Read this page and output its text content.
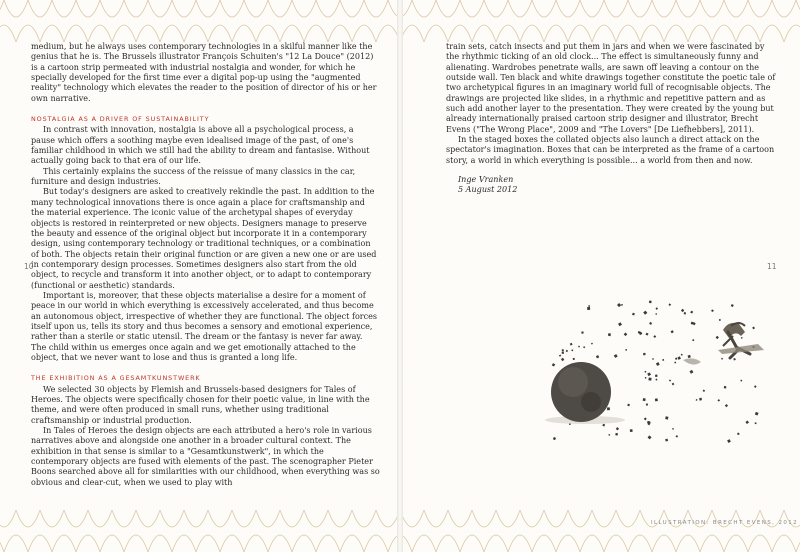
medium, but he always uses contemporary technologies in a skilful manner like the genius that he is. The Brussels illustrator François Schuiten's "12 La Douce" (2012) is a cartoon strip permeated with industrial nostalgia and wonder, for which he specially developed for the first time ever a digital pop-up using the "augmented reality" technology which elevates the reader to the position of director of his or her own narrative.

NOSTALGIA AS A DRIVER OF SUSTAINABILITY

In contrast with innovation, nostalgia is above all a psychological process, a pause which offers a soothing maybe even idealised image of the past, of one's familiar childhood in which we still had the ability to dream and fantasise. Without actually going back to that era of our life.

This certainly explains the success of the reissue of many classics in the car, furniture and design industries.

But today's designers are asked to creatively rekindle the past. In addition to the many technological innovations there is once again a place for craftsmanship and the material experience. The iconic value of the archetypal shapes of everyday objects is restored in reinterpreted or new objects. Designers manage to preserve the beauty and essence of the original object but incorporate it in a contemporary design, using contemporary technology or traditional techniques, or a combination of both. The objects retain their original function or are given a new one or are used in contemporary design processes. Sometimes designers also start from the old object, to recycle and transform it into another object, or to adapt to contemporary (functional or aesthetic) standards.

Important is, moreover, that these objects materialise a desire for a moment of peace in our world in which everything is excessively accelerated, and thus become an autonomous object, irrespective of whether they are functional. The object forces itself upon us, tells its story and thus becomes a sensory and emotional experience, rather than a sterile or static utensil. The dream or the fantasy is never far away. The child within us emerges once again and we get emotionally attached to the object, that we never want to lose and thus is granted a long life.

THE EXHIBITION AS A GESAMTKUNSTWERK

We selected 30 objects by Flemish and Brussels-based designers for Tales of Heroes. The objects were specifically chosen for their poetic value, in line with the theme, and were often produced in small runs, whether using traditional craftsmanship or industrial production.

In Tales of Heroes the design objects are each attributed a hero's role in various narratives above and alongside one another in a broader cultural context. The exhibition in that sense is similar to a "Gesamtkunstwerk", in which the contemporary objects are fused with elements of the past. The scenographer Pieter Boons searched above all for similarities with our childhood, when everything was so obvious and clear-cut, when we used to play with

10

train sets, catch insects and put them in jars and when we were fascinated by the rhythmic ticking of an old clock... The effect is simultaneously funny and alienating. Wardrobes penetrate walls, are sawn off leaving a contour on the outside wall. Ten black and white drawings together constitute the poetic tale of two archetypical figures in an imaginary world full of recognisable objects. The drawings are projected like slides, in a rhythmic and repetitive pattern and as such add another layer to the presentation. They were created by the young but already internationally praised cartoon strip designer and illustrator, Brecht Evens ("The Wrong Place", 2009 and "The Lovers" [De Liefhebbers], 2011).

In the staged boxes the collated objects also launch a direct attack on the spectator's imagination. Boxes that can be interpreted as the frame of a cartoon story, a world in which everything is possible... a world from then and now.

Inge Vranken

5 August 2012

11
ILLUSTRATION: BRECHT EVENS, 2012
